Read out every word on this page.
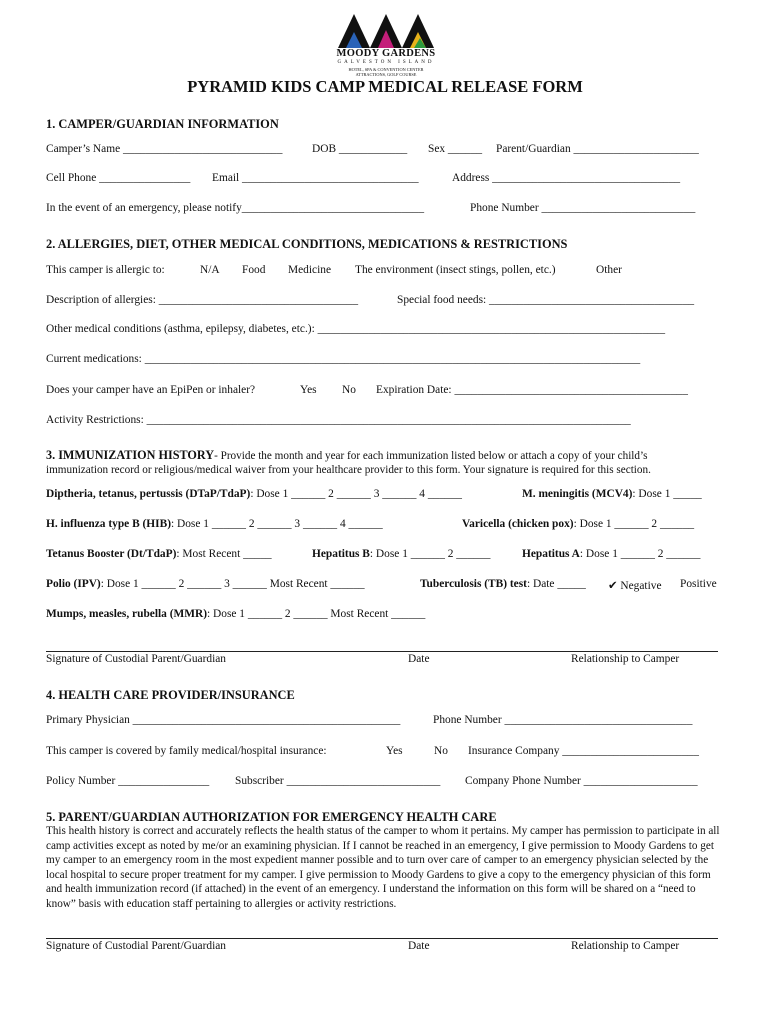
MOODY GARDENS
GALVESTON ISLAND
HOTEL, SPA & CONVENTION CENTER
ATTRACTIONS, GOLF COURSE
PYRAMID KIDS CAMP MEDICAL RELEASE FORM
1. CAMPER/GUARDIAN INFORMATION
Camper’s Name ____________________________	DOB ____________ Sex ______ Parent/Guardian ______________________
Cell Phone ________________ Email _______________________________	Address _________________________________
In the event of an emergency, please notify________________________________	Phone Number ___________________________
2. ALLERGIES, DIET, OTHER MEDICAL CONDITIONS, MEDICATIONS & RESTRICTIONS
This camper is allergic to:	N/A Food Medicine The environment (insect stings, pollen, etc.)	Other
Description of allergies: ___________________________________	Special food needs: ____________________________________
Other medical conditions (asthma, epilepsy, diabetes, etc.): _____________________________________________________________
Current medications: _______________________________________________________________________________________
Does your camper have an EpiPen or inhaler?	Yes No Expiration Date: _________________________________________
Activity Restrictions: _____________________________________________________________________________________
3. IMMUNIZATION HISTORY- Provide the month and year for each immunization listed below or attach a copy of your child’s
immunization record or religious/medical waiver from your healthcare provider to this form. Your signature is required for this section.
Diptheria, tetanus, pertussis (DTaP/TdaP): Dose 1 ______ 2 ______ 3 ______ 4 ______	M. meningitis (MCV4): Dose 1 _____
H. influenza type B (HIB): Dose 1 ______ 2 ______ 3 ______ 4 ______	Varicella (chicken pox): Dose 1 ______ 2 ______
Tetanus Booster (Dt/TdaP): Most Recent _____	Hepatitus B: Dose 1 ______ 2 ______	Hepatitus A: Dose 1 ______ 2 ______
Polio (IPV): Dose 1 ______ 2 ______ 3 ______ Most Recent ______	Tuberculosis (TB) test: Date _____ ✔ Negative Positive
Mumps, measles, rubella (MMR): Dose 1 ______ 2 ______ Most Recent ______
Signature of Custodial Parent/Guardian	Date	Relationship to Camper
4. HEALTH CARE PROVIDER/INSURANCE
Primary Physician _______________________________________________	Phone Number _________________________________
This camper is covered by family medical/hospital insurance:	Yes	No Insurance Company ________________________
Policy Number ________________ Subscriber ___________________________ Company Phone Number ____________________
5. PARENT/GUARDIAN AUTHORIZATION FOR EMERGENCY HEALTH CARE
This health history is correct and accurately reflects the health status of the camper to whom it pertains. My camper has permission to participate in all camp activities except as noted by me/or an examining physician. If I cannot be reached in an emergency, I give permission to Moody Gardens to get my camper to an emergency room in the most expedient manner possible and to turn over care of camper to an emergency physician selected by the local hospital to secure proper treatment for my camper. I give permission to Moody Gardens to give a copy to the emergency physician of this form and health immunization record (if attached) in the event of an emergency. I understand the information on this form will be shared on a “need to know” basis with education staff pertaining to allergies or activity restrictions.
Signature of Custodial Parent/Guardian	Date	Relationship to Camper
